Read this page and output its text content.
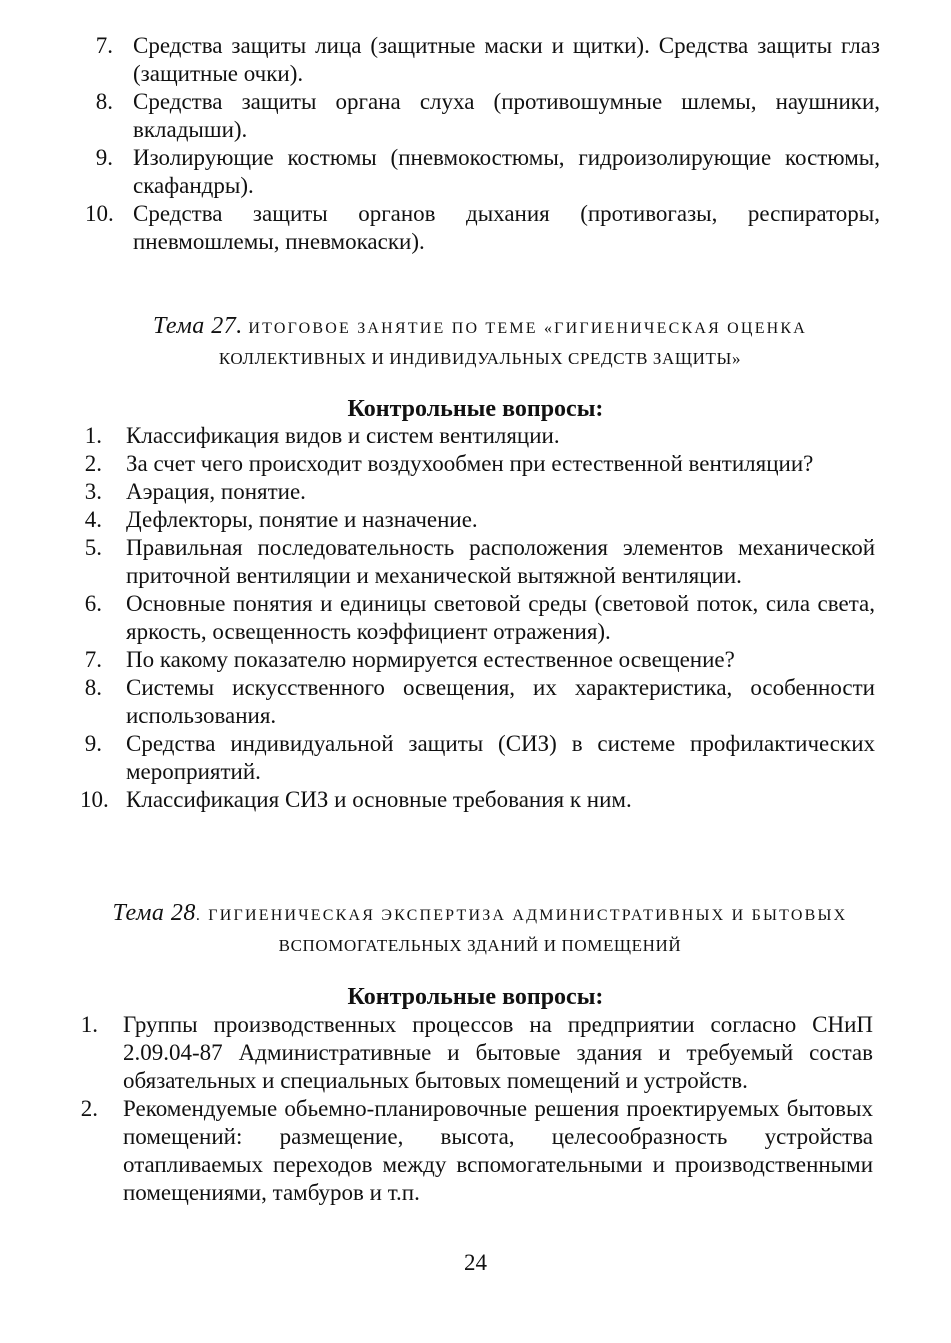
7. Средства защиты лица (защитные маски и щитки). Средства защиты глаз (защитные очки).
8. Средства защиты органа слуха (противошумные шлемы, наушники, вкладыши).
9. Изолирующие костюмы (пневмокостюмы, гидроизолирующие костюмы, скафандры).
10. Средства защиты органов дыхания (противогазы, респираторы, пневмошлемы, пневмокаски).
Тема 27. ИТОГОВОЕ ЗАНЯТИЕ ПО ТЕМЕ «ГИГИЕНИЧЕСКАЯ ОЦЕНКА
КОЛЛЕКТИВНЫХ И ИНДИВИДУАЛЬНЫХ СРЕДСТВ ЗАЩИТЫ»
Контрольные вопросы:
1. Классификация видов и систем вентиляции.
2. За счет чего происходит воздухообмен при естественной вентиляции?
3. Аэрация, понятие.
4. Дефлекторы, понятие и назначение.
5. Правильная последовательность расположения элементов механической приточной вентиляции и механической вытяжной вентиляции.
6. Основные понятия и единицы световой среды (световой поток, сила света, яркость, освещенность коэффициент отражения).
7. По какому показателю нормируется естественное освещение?
8. Системы искусственного освещения, их характеристика, особенности использования.
9. Средства индивидуальной защиты (СИЗ) в системе профилактических мероприятий.
10. Классификация СИЗ и основные требования к ним.
Тема 28. ГИГИЕНИЧЕСКАЯ ЭКСПЕРТИЗА АДМИНИСТРАТИВНЫХ И БЫТОВЫХ
ВСПОМОГАТЕЛЬНЫХ ЗДАНИЙ И ПОМЕЩЕНИЙ
Контрольные вопросы:
1. Группы производственных процессов на предприятии согласно СНиП 2.09.04-87 Административные и бытовые здания и требуемый состав обязательных и специальных бытовых помещений и устройств.
2. Рекомендуемые обьемно-планировочные решения проектируемых бытовых помещений: размещение, высота, целесообразность устройства отапливаемых переходов между вспомогательными и производственными помещениями, тамбуров и т.п.
24
